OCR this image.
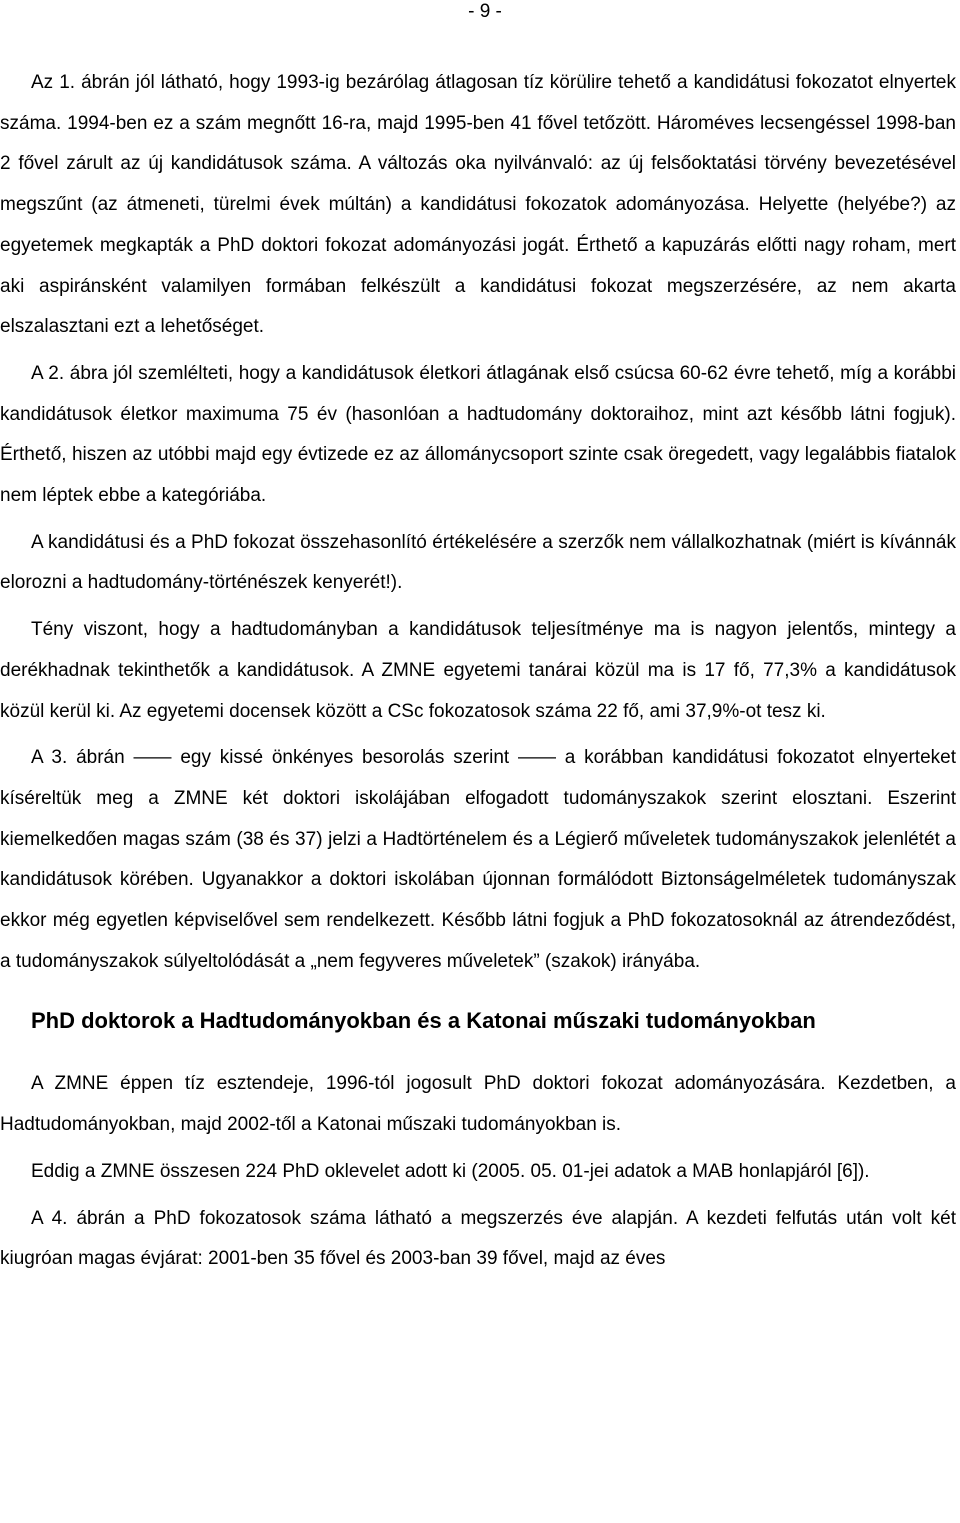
- 9 -

Az 1. ábrán jól látható, hogy 1993-ig bezárólag átlagosan tíz körülire tehető a kandidátusi fokozatot elnyertek száma. 1994-ben ez a szám megnőtt 16-ra, majd 1995-ben 41 fővel tetőzött. Hároméves lecsengéssel 1998-ban 2 fővel zárult az új kandidátusok száma. A változás oka nyilvánvaló: az új felsőoktatási törvény bevezetésével megszűnt (az átmeneti, türelmi évek múltán) a kandidátusi fokozatok adományozása. Helyette (helyébe?) az egyetemek megkapták a PhD doktori fokozat adományozási jogát. Érthető a kapuzárás előtti nagy roham, mert aki aspiránsként valamilyen formában felkészült a kandidátusi fokozat megszerzésére, az nem akarta elszalasztani ezt a lehetőséget.

A 2. ábra jól szemlélteti, hogy a kandidátusok életkori átlagának első csúcsa 60-62 évre tehető, míg a korábbi kandidátusok életkor maximuma 75 év (hasonlóan a hadtudomány doktoraihoz, mint azt később látni fogjuk). Érthető, hiszen az utóbbi majd egy évtizede ez az állománycsoport szinte csak öregedett, vagy legalábbis fiatalok nem léptek ebbe a kategóriába.

A kandidátusi és a PhD fokozat összehasonlító értékelésére a szerzők nem vállalkozhatnak (miért is kívánnák elorozni a hadtudomány-történészek kenyerét!).

Tény viszont, hogy a hadtudományban a kandidátusok teljesítménye ma is nagyon jelentős, mintegy a derékhadnak tekinthetők a kandidátusok. A ZMNE egyetemi tanárai közül ma is 17 fő, 77,3% a kandidátusok közül kerül ki. Az egyetemi docensek között a CSc fokozatosok száma 22 fő, ami 37,9%-ot tesz ki.

A 3. ábrán —— egy kissé önkényes besorolás szerint —— a korábban kandidátusi fokozatot elnyerteket kíséreltük meg a ZMNE két doktori iskolájában elfogadott tudományszakok szerint elosztani. Eszerint kiemelkedően magas szám (38 és 37) jelzi a Hadtörténelem és a Légierő műveletek tudományszakok jelenlétét a kandidátusok körében. Ugyanakkor a doktori iskolában újonnan formálódott Biztonságelméletek tudományszak ekkor még egyetlen képviselővel sem rendelkezett. Később látni fogjuk a PhD fokozatosoknál az átrendeződést, a tudományszakok súlyeltolódását a „nem fegyveres műveletek” (szakok) irányába.

PhD doktorok a Hadtudományokban és a Katonai műszaki tudományokban

A ZMNE éppen tíz esztendeje, 1996-tól jogosult PhD doktori fokozat adományozására. Kezdetben, a Hadtudományokban, majd 2002-től a Katonai műszaki tudományokban is.

Eddig a ZMNE összesen 224 PhD oklevelet adott ki (2005. 05. 01-jei adatok a MAB honlapjáról [6]).

A 4. ábrán a PhD fokozatosok száma látható a megszerzés éve alapján. A kezdeti felfutás után volt két kiugróan magas évjárat: 2001-ben 35 fővel és 2003-ban 39 fővel, majd az éves
